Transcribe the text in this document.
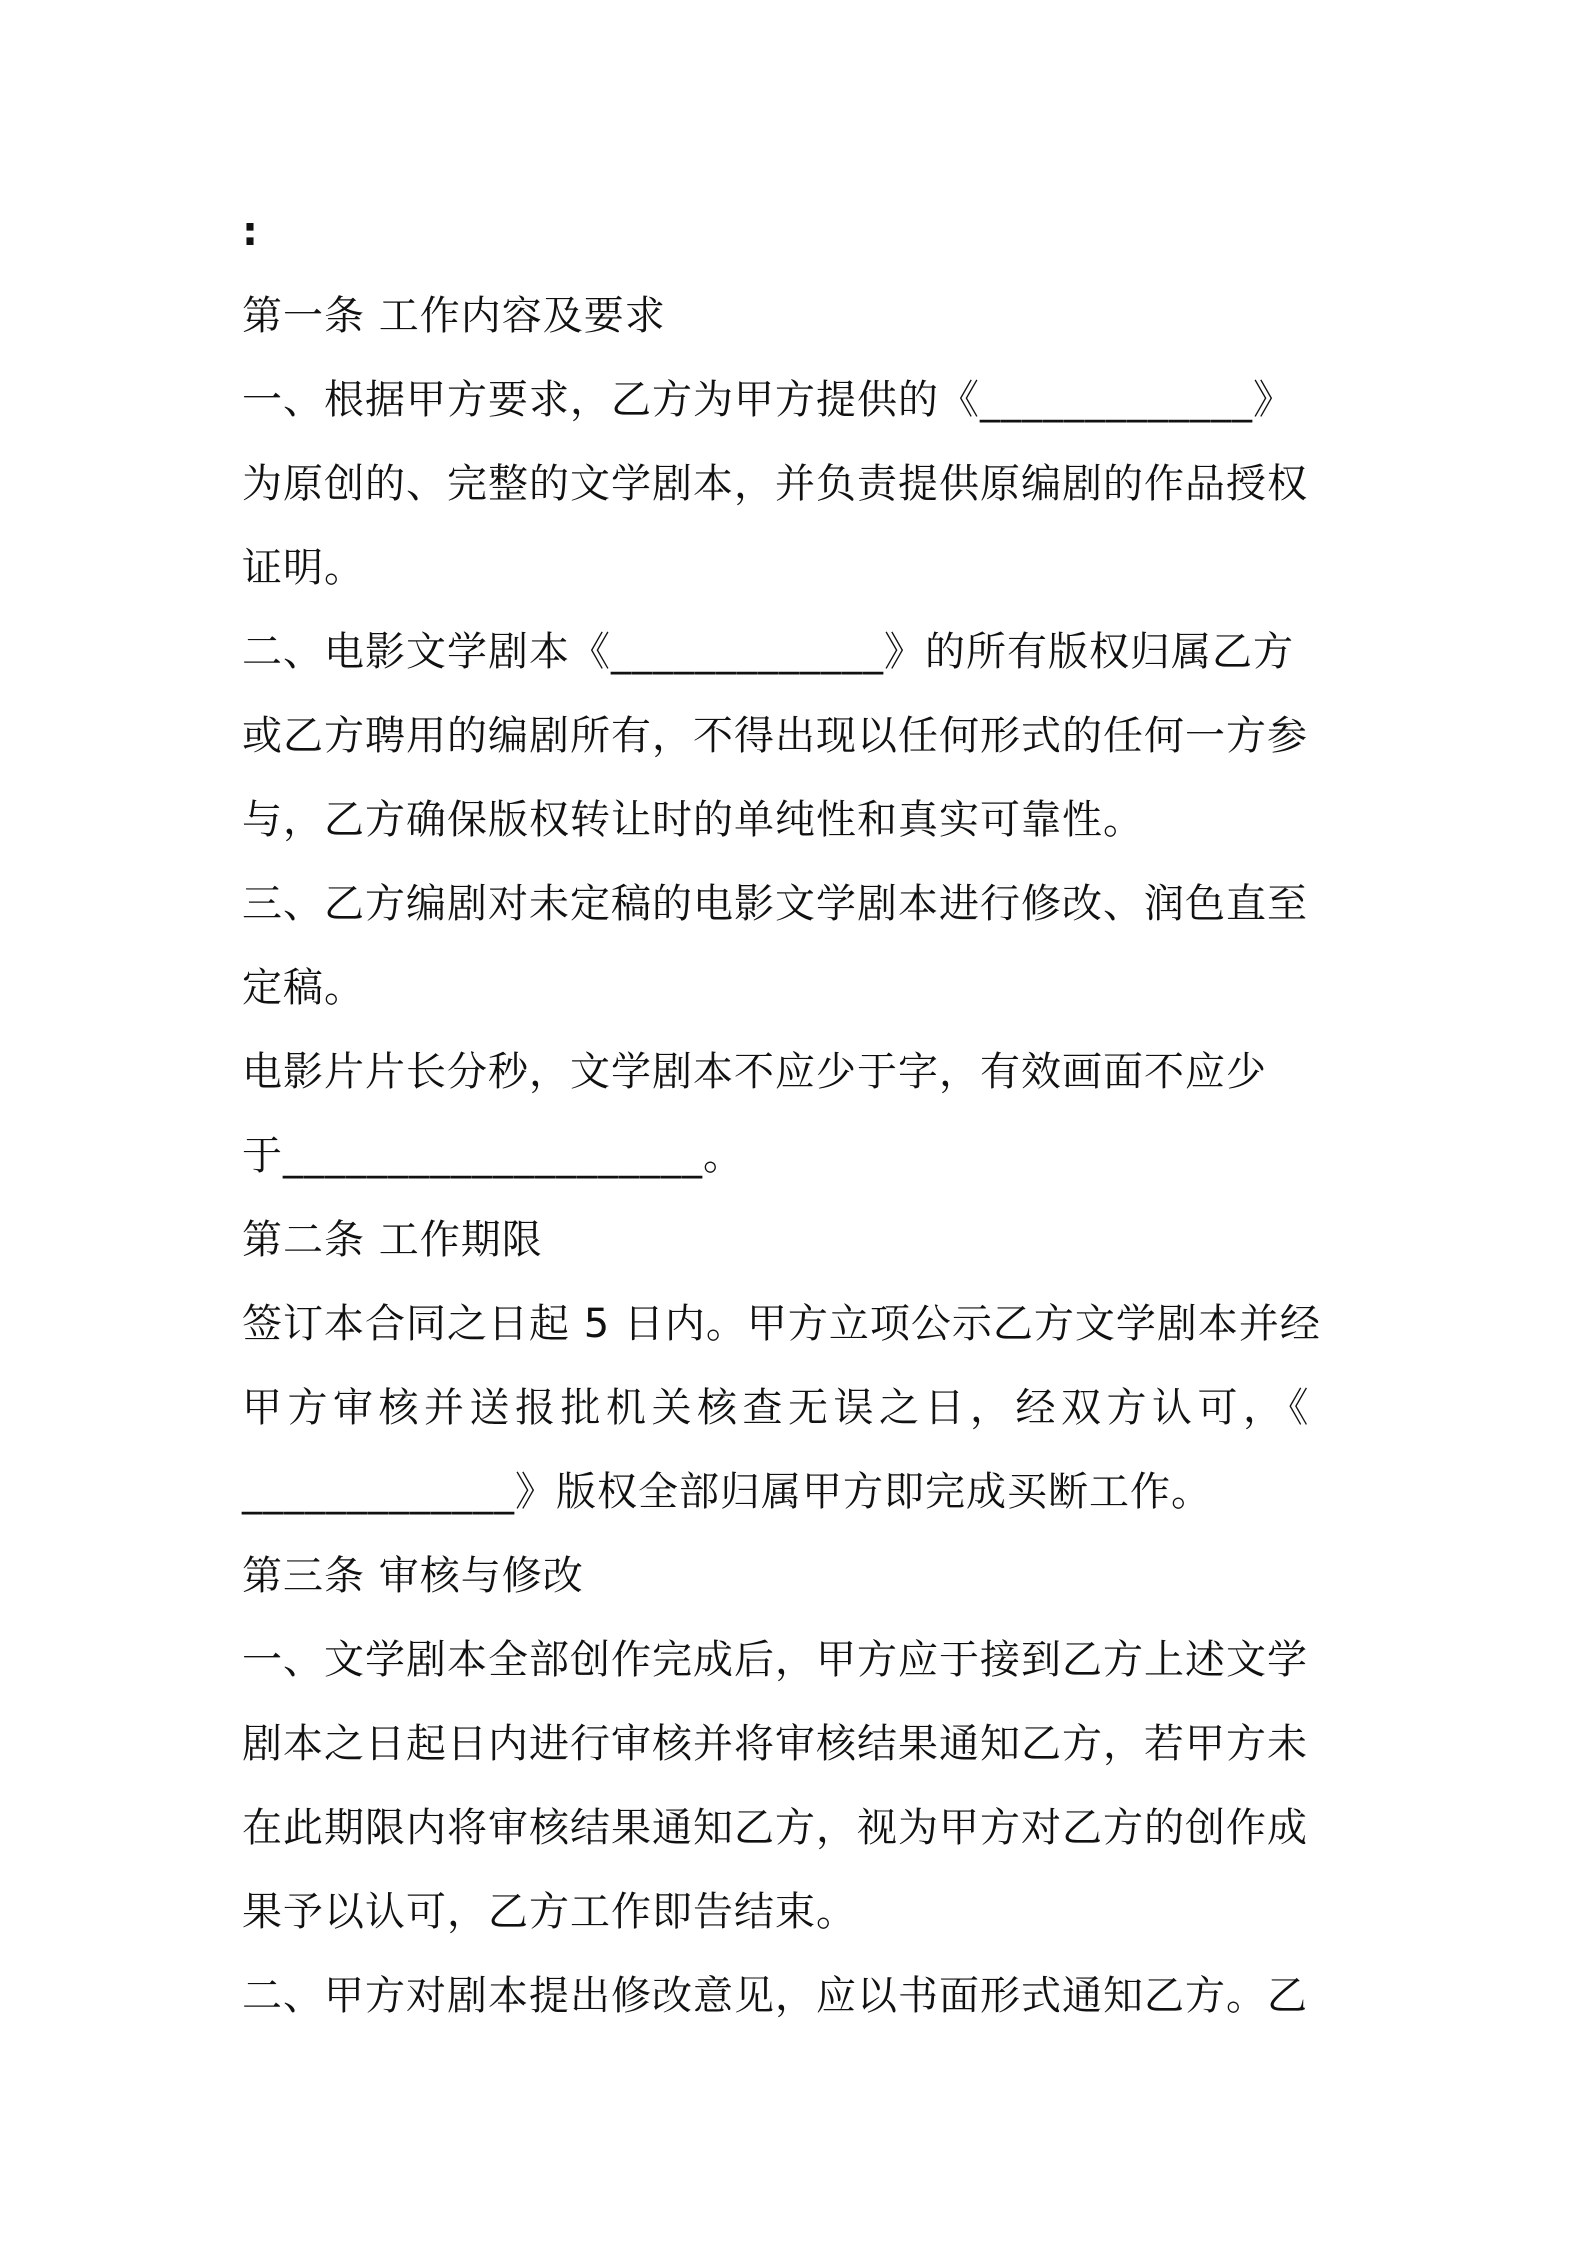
:
第一条 工作内容及要求
一、根据甲方要求，乙方为甲方提供的《_____________》
为原创的、完整的文学剧本，并负责提供原编剧的作品授权
证明。
二、电影文学剧本《_____________》的所有版权归属乙方
或乙方聘用的编剧所有，不得出现以任何形式的任何一方参
与，乙方确保版权转让时的单纯性和真实可靠性。
三、乙方编剧对未定稿的电影文学剧本进行修改、润色直至
定稿。
电影片片长分秒，文学剧本不应少于字，有效画面不应少
于____________________。
第二条 工作期限
签订本合同之日起 5 日内。甲方立项公示乙方文学剧本并经
甲方审核并送报批机关核查无误之日，经双方认可，《
_____________》版权全部归属甲方即完成买断工作。
第三条 审核与修改
一、文学剧本全部创作完成后，甲方应于接到乙方上述文学
剧本之日起日内进行审核并将审核结果通知乙方，若甲方未
在此期限内将审核结果通知乙方，视为甲方对乙方的创作成
果予以认可，乙方工作即告结束。
二、甲方对剧本提出修改意见，应以书面形式通知乙方。乙
